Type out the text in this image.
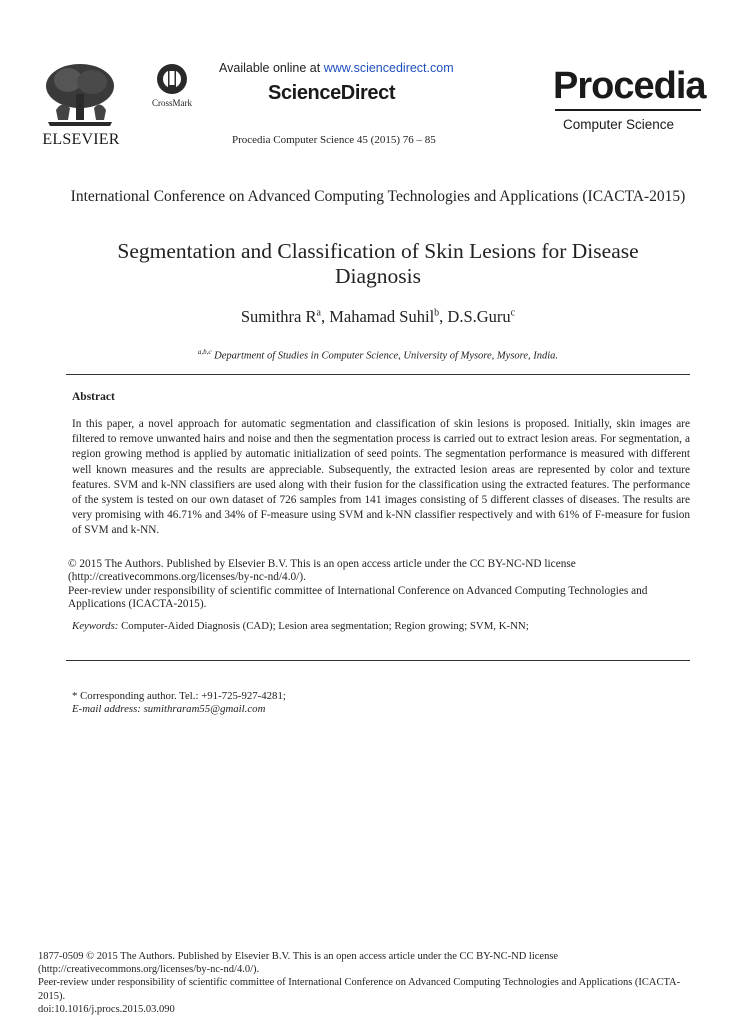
ELSEVIER
CrossMark
Available online at www.sciencedirect.com
ScienceDirect
Procedia Computer Science 45 (2015) 76 – 85
Procedia
Computer Science
International Conference on Advanced Computing Technologies and Applications (ICACTA-2015)
Segmentation and Classification of Skin Lesions for Disease Diagnosis
Sumithra $R^a$, Mahamad Suhil$^b$, D.S.Guru$^c$
$^{a,b,c}$ Department of Studies in Computer Science, University of Mysore, Mysore, India.
Abstract
In this paper, a novel approach for automatic segmentation and classification of skin lesions is proposed. Initially, skin images are filtered to remove unwanted hairs and noise and then the segmentation process is carried out to extract lesion areas. For segmentation, a region growing method is applied by automatic initialization of seed points. The segmentation performance is measured with different well known measures and the results are appreciable. Subsequently, the extracted lesion areas are represented by color and texture features. SVM and k-NN classifiers are used along with their fusion for the classification using the extracted features. The performance of the system is tested on our own dataset of 726 samples from 141 images consisting of 5 different classes of diseases. The results are very promising with 46.71% and 34% of F-measure using SVM and k-NN classifier respectively and with 61% of F-measure for fusion of SVM and k-NN.
© 2015 The Authors. Published by Elsevier B.V. This is an open access article under the CC BY-NC-ND license
(http://creativecommons.org/licenses/by-nc-nd/4.0/).
Peer-review under responsibility of scientific committee of International Conference on Advanced Computing Technologies and Applications (ICACTA-2015).
Keywords: Computer-Aided Diagnosis (CAD); Lesion area segmentation; Region growing; SVM, K-NN;
* Corresponding author. Tel.: +91-725-927-4281;
E-mail address: sumithraram55@gmail.com
1877-0509 © 2015 The Authors. Published by Elsevier B.V. This is an open access article under the CC BY-NC-ND license
(http://creativecommons.org/licenses/by-nc-nd/4.0/).
Peer-review under responsibility of scientific committee of International Conference on Advanced Computing Technologies and Applications (ICACTA-2015).
doi:10.1016/j.procs.2015.03.090
